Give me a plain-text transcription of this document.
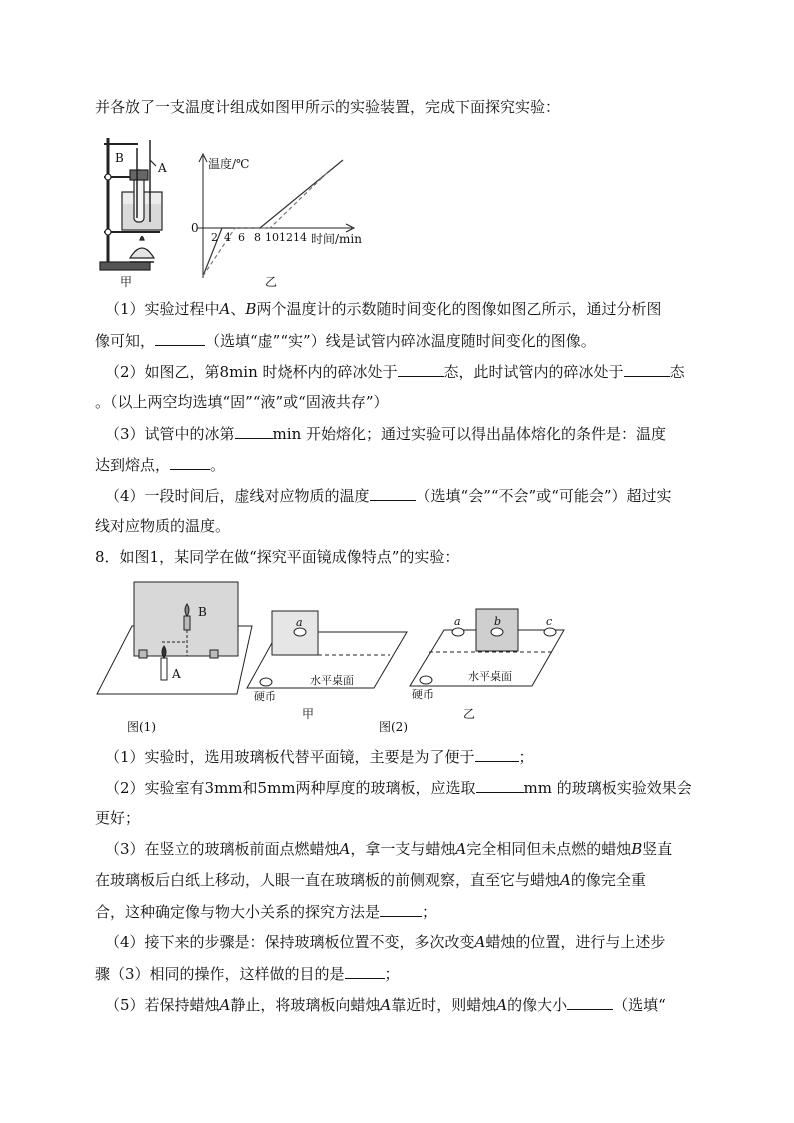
并各放了一支温度计组成如图甲所示的实验装置，完成下面探究实验：
B
A
甲
温度/℃
0
2 4 6 8 10 12 14 时间/min
乙
（1）实验过程中A、B两个温度计的示数随时间变化的图像如图乙所示，通过分析图
像可知，	（选填“虚”“实”）线是试管内碎冰温度随时间变化的图像。
（2）如图乙，第8min 时烧杯内的碎冰处于	态，此时试管内的碎冰处于	态
。（以上两空均选填“固”“液”或“固液共存”）
（3）试管中的冰第	min 开始熔化；通过实验可以得出晶体熔化的条件是：温度
达到熔点，	。
（4）一段时间后，虚线对应物质的温度	（选填“会”“不会”或“可能会”）超过实
线对应物质的温度。
8．如图1，某同学在做“探究平面镜成像特点”的实验：
B
A
图(1)
a
水平桌面
硬币
甲
图(2)
a	b	c
水平桌面
硬币
乙
（1）实验时，选用玻璃板代替平面镜，主要是为了便于	；
（2）实验室有3mm和5mm两种厚度的玻璃板，应选取	mm 的玻璃板实验效果会
更好；
（3）在竖立的玻璃板前面点燃蜡烛A，拿一支与蜡烛A完全相同但未点燃的蜡烛B竖直
在玻璃板后白纸上移动，人眼一直在玻璃板的前侧观察，直至它与蜡烛A的像完全重
合，这种确定像与物大小关系的探究方法是	；
（4）接下来的步骤是：保持玻璃板位置不变，多次改变A蜡烛的位置，进行与上述步
骤（3）相同的操作，这样做的目的是	；
（5）若保持蜡烛A静止，将玻璃板向蜡烛A靠近时，则蜡烛A的像大小	（选填“
